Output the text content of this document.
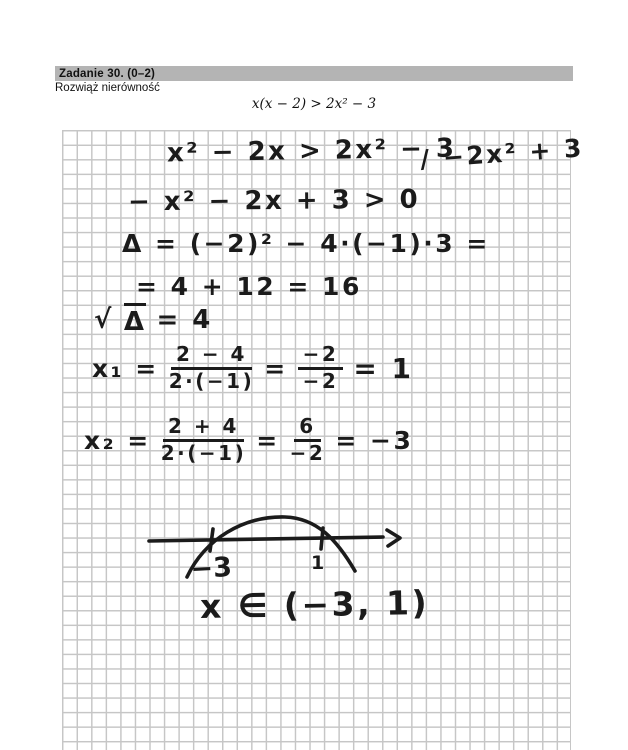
Zadanie 30. (0–2)
Rozwiąż nierówność
x(x − 2) > 2x² − 3
x² − 2x > 2x² − 3
/ −2x² + 3
− x² − 2x + 3 > 0
Δ = (−2)² − 4·(−1)·3 =
= 4 + 12 = 16
√ Δ = 4
$x_1 = \frac{2 - 4}{2\cdot(-1)} = \frac{-2}{-2} = 1$
$x_2 = \frac{2 + 4}{2\cdot(-1)} = \frac{6}{-2} = -3$
−3	1
x ∈ (−3, 1)
